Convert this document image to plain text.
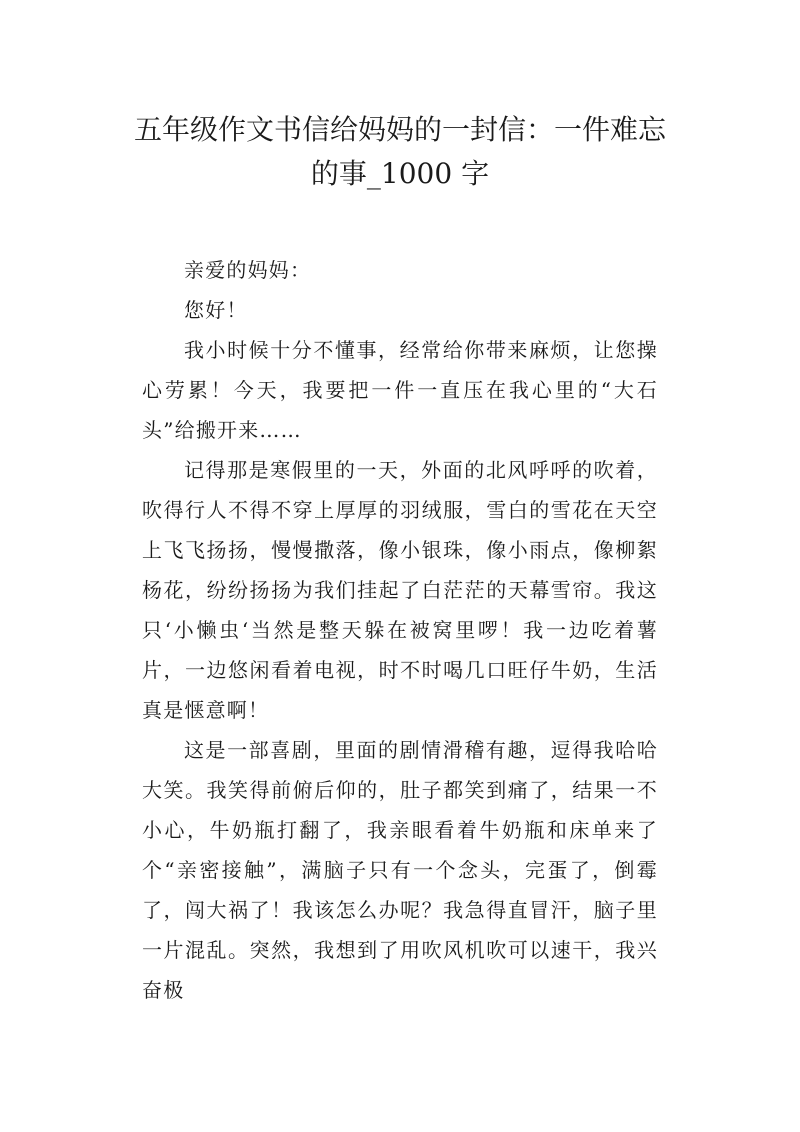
五年级作文书信给妈妈的一封信：一件难忘的事_1000 字

亲爱的妈妈：

您好！

我小时候十分不懂事，经常给你带来麻烦，让您操心劳累！今天，我要把一件一直压在我心里的“大石头”给搬开来……

记得那是寒假里的一天，外面的北风呼呼的吹着，吹得行人不得不穿上厚厚的羽绒服，雪白的雪花在天空上飞飞扬扬，慢慢撒落，像小银珠，像小雨点，像柳絮杨花，纷纷扬扬为我们挂起了白茫茫的天幕雪帘。我这只‘小懒虫‘当然是整天躲在被窝里啰！我一边吃着薯片，一边悠闲看着电视，时不时喝几口旺仔牛奶，生活真是惬意啊！

这是一部喜剧，里面的剧情滑稽有趣，逗得我哈哈大笑。我笑得前俯后仰的，肚子都笑到痛了，结果一不小心，牛奶瓶打翻了，我亲眼看着牛奶瓶和床单来了个“亲密接触”，满脑子只有一个念头，完蛋了，倒霉了，闯大祸了！我该怎么办呢？我急得直冒汗，脑子里一片混乱。突然，我想到了用吹风机吹可以速干，我兴奋极
